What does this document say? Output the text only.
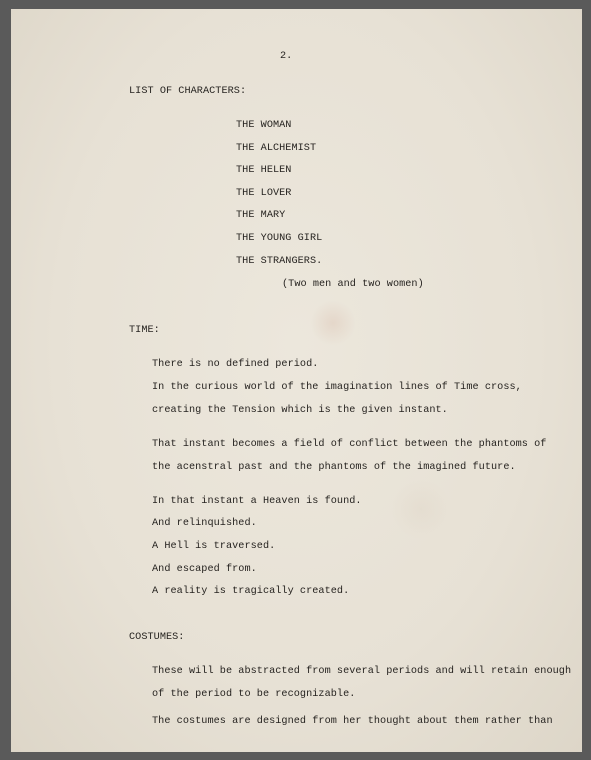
2.
LIST OF CHARACTERS:
THE WOMAN
THE ALCHEMIST
THE HELEN
THE LOVER
THE MARY
THE YOUNG GIRL
THE STRANGERS.
(Two men and two women)
TIME:
There is no defined period.
In the curious world of the imagination lines of Time cross,
creating the Tension which is the given instant.
That instant becomes a field of conflict between the phantoms of
the acenstral past and the phantoms of the imagined future.
In that instant a Heaven is found.
And relinquished.
A Hell is traversed.
And escaped from.
A reality is tragically created.
COSTUMES:
These will be abstracted from several periods and will retain enough
of the period to be recognizable.
The costumes are designed from her thought about them rather than
